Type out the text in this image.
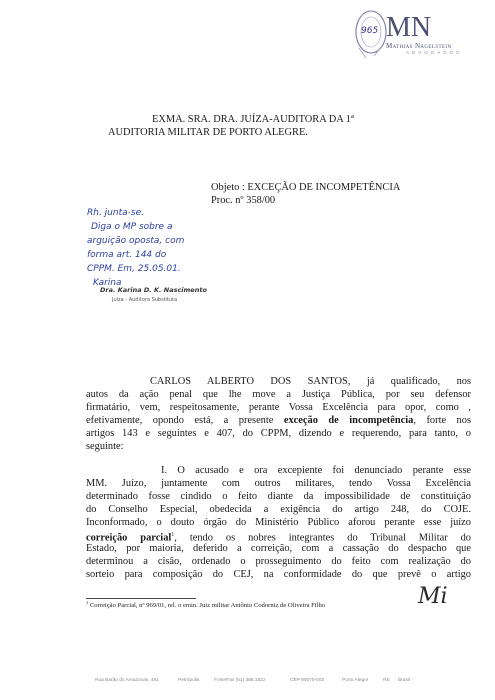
965 MN
Mathias Nagelstein
ADVOGADOS
EXMA. SRA. DRA. JUÍZA-AUDITORA DA 1ª
AUDITORIA MILITAR DE PORTO ALEGRE.
Objeto : EXCEÇÃO DE INCOMPETÊNCIA
Proc. nº 358/00
Rh. junta-se.
Diga o MP sobre a
arguição oposta, com
forma art. 144 do
CPPM. Em, 25.05.01.
Karina
Dra. Karina D. K. Nascimento
Juíza - Auditora Substituta
CARLOS ALBERTO DOS SANTOS, já qualificado, nos
autos da ação penal que lhe move a Justiça Pública, por seu defensor
firmatário, vem, respeitosamente, perante Vossa Excelência para opor, como ,
efetivamente, opondo está, a presente exceção de incompetência, forte nos
artigos 143 e seguintes e 407, do CPPM, dizendo e requerendo, para tanto, o
seguinte:
I. O acusado e ora excepiente foi denunciado perante esse
MM. Juízo, juntamente com outros militares, tendo Vossa Excelência
determinado fosse cindido o feito diante da impossibilidade de constituição
do Conselho Especial, obedecida a exigência do artigo 248, do COJE.
Inconformado, o douto órgão do Ministério Público aforou perante esse juízo
correição parcial$^1$, tendo os nobres integrantes do Tribunal Militar do
Estado, por maioria, deferido a correição, com a cassação do despacho que
determinou a cisão, ordenado o prosseguimento do feito com realização do
sorteio para composição do CEJ, na conformidade do que prevê o artigo
$^1$ Correição Parcial, nº 969/01, rel. o emin. Juiz militar Antônio Codorniz de Oliveira Filho	Mi
Rua Barão do Amazonas, 461	Petrópolis	Fone/Fax (51) 388.1622	CEP 90670-003	Porto Alegre	RS Brasil
